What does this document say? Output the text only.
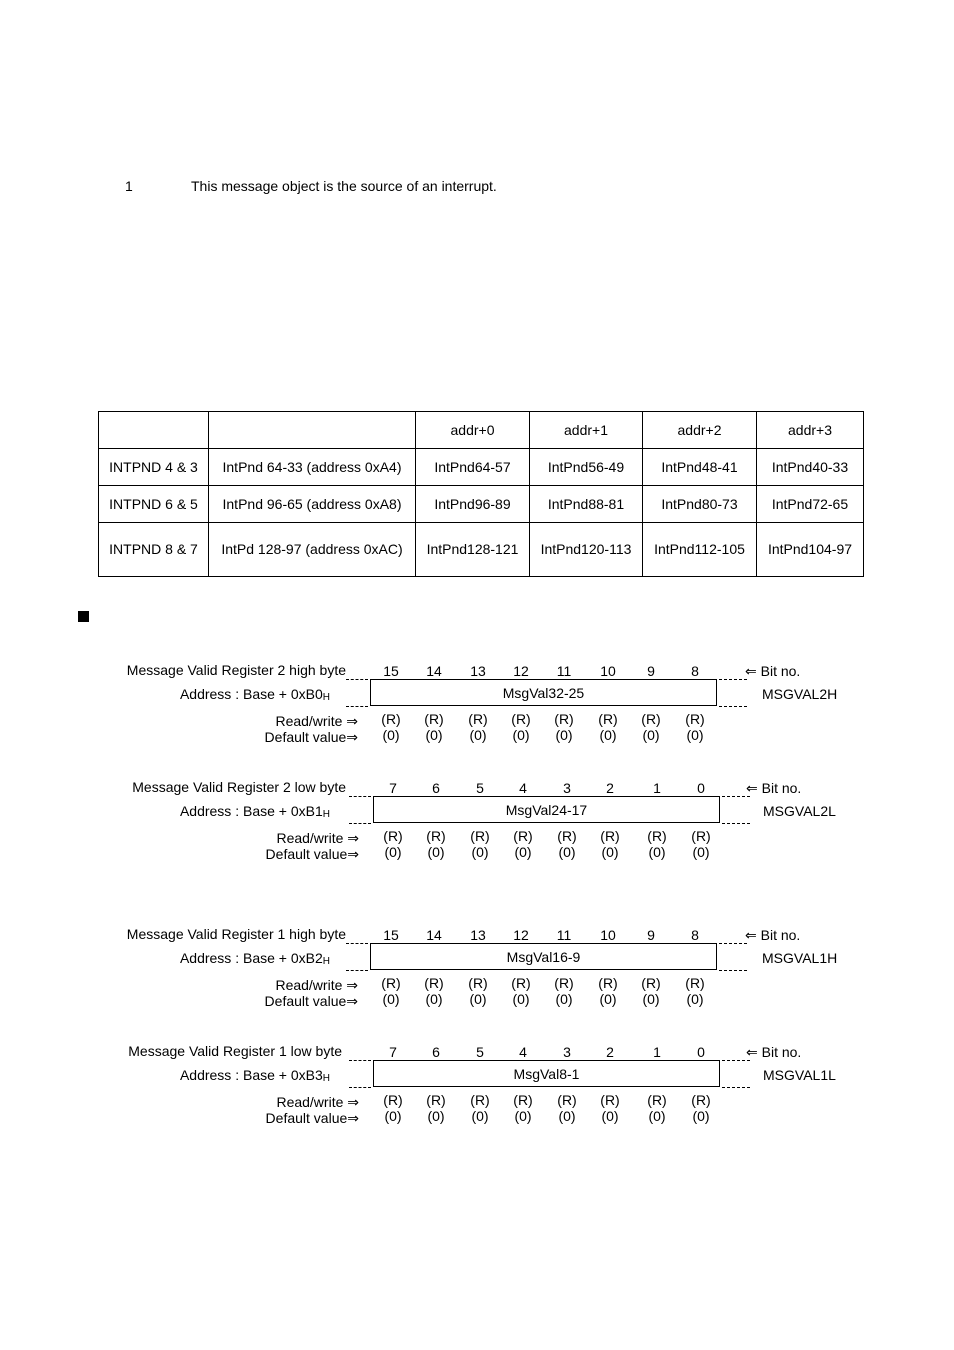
1	This message object is the source of an interrupt.
		addr+0	addr+1	addr+2	addr+3
INTPND 4 & 3	IntPnd 64-33 (address 0xA4)	IntPnd64-57	IntPnd56-49	IntPnd48-41	IntPnd40-33
INTPND 6 & 5	IntPnd 96-65 (address 0xA8)	IntPnd96-89	IntPnd88-81	IntPnd80-73	IntPnd72-65
INTPND 8 & 7	IntPd 128-97 (address 0xAC)	IntPnd128-121	IntPnd120-113	IntPnd112-105	IntPnd104-97
Message Valid Register 2 high byte
Address : Base + $0xB0_H$
Read/write ⇒
Default value⇒
15
(R)
(0)
14
(R)
(0)
13
(R)
(0)
12
(R)
(0)
11
(R)
(0)
10
(R)
(0)
9
(R)
(0)
8
(R)
(0)
MsgVal32-25
⇐ Bit no.
MSGVAL2H
Message Valid Register 2 low byte
Address : Base + $0xB1_H$
Read/write ⇒
Default value⇒
7
(R)
(0)
6
(R)
(0)
5
(R)
(0)
4
(R)
(0)
3
(R)
(0)
2
(R)
(0)
1
(R)
(0)
0
(R)
(0)
MsgVal24-17
⇐ Bit no.
MSGVAL2L
Message Valid Register 1 high byte
Address : Base + $0xB2_H$
Read/write ⇒
Default value⇒
15
(R)
(0)
14
(R)
(0)
13
(R)
(0)
12
(R)
(0)
11
(R)
(0)
10
(R)
(0)
9
(R)
(0)
8
(R)
(0)
MsgVal16-9
⇐ Bit no.
MSGVAL1H
Message Valid Register 1 low byte
Address : Base + $0xB3_H$
Read/write ⇒
Default value⇒
7
(R)
(0)
6
(R)
(0)
5
(R)
(0)
4
(R)
(0)
3
(R)
(0)
2
(R)
(0)
1
(R)
(0)
0
(R)
(0)
MsgVal8-1
⇐ Bit no.
MSGVAL1L
